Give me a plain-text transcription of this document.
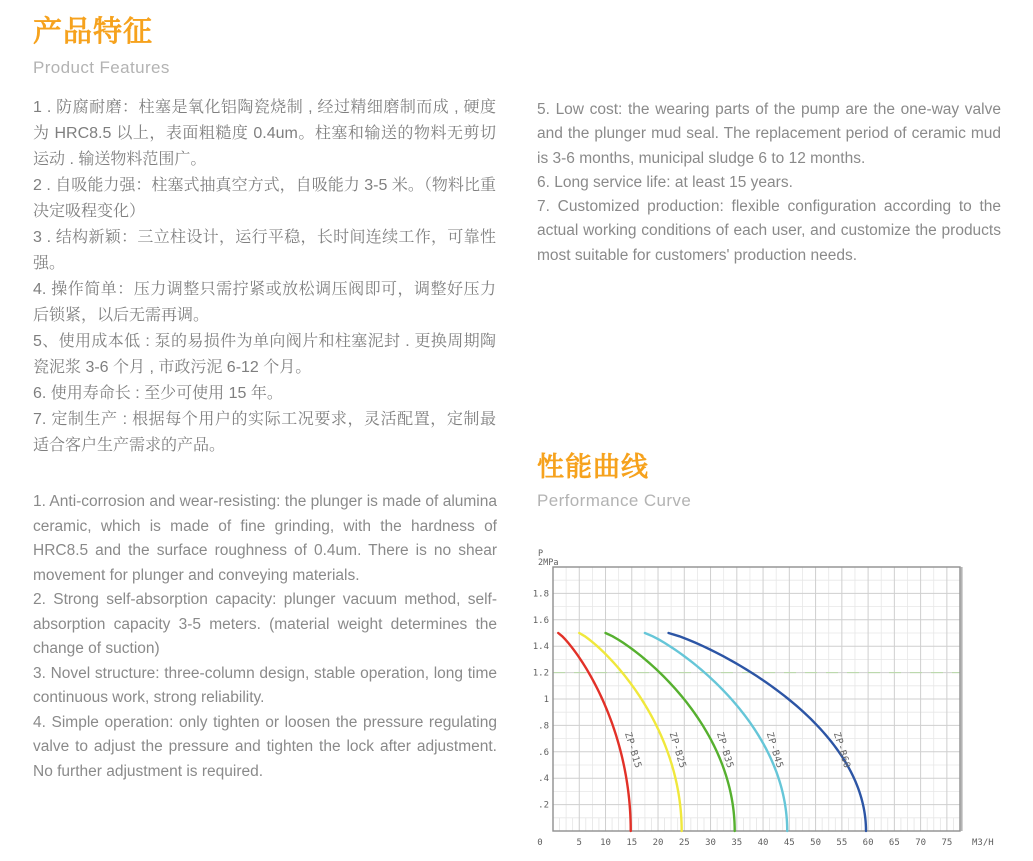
产品特征
Product Features

1 . 防腐耐磨：柱塞是氧化铝陶瓷烧制 , 经过精细磨制而成 , 硬度为 HRC8.5 以上，表面粗糙度 0.4um。柱塞和输送的物料无剪切运动 . 输送物料范围广。

2 . 自吸能力强：柱塞式抽真空方式，自吸能力 3-5 米。（物料比重决定吸程变化）

3 . 结构新颖：三立柱设计，运行平稳，长时间连续工作，可靠性强。

4. 操作简单：压力调整只需拧紧或放松调压阀即可，调整好压力后锁紧，以后无需再调。

5、使用成本低 : 泵的易损件为单向阀片和柱塞泥封 . 更换周期陶瓷泥浆 3-6 个月 , 市政污泥 6-12 个月。

6. 使用寿命长 : 至少可使用 15 年。

7. 定制生产 : 根据每个用户的实际工况要求，灵活配置，定制最适合客户生产需求的产品。

1. Anti-corrosion and wear-resisting: the plunger is made of alumina ceramic, which is made of fine grinding, with the hardness of HRC8.5 and the surface roughness of 0.4um. There is no shear movement for plunger and conveying materials.

2. Strong self-absorption capacity: plunger vacuum method, self-absorption capacity 3-5 meters. (material weight determines the change of suction)

3. Novel structure: three-column design, stable operation, long time continuous work, strong reliability.

4. Simple operation: only tighten or loosen the pressure regulating valve to adjust the pressure and tighten the lock after adjustment. No further adjustment is required.

5. Low cost: the wearing parts of the pump are the one-way valve and the plunger mud seal. The replacement period of ceramic mud is 3-6 months, municipal sludge 6 to 12 months.

6. Long service life: at least 15 years.

7. Customized production: flexible configuration according to the actual working conditions of each user, and customize the products most suitable for customers' production needs.

性能曲线
Performance Curve
ZP-B15 ZP-B25	ZP-B35	ZP-B45	ZP-B60
1.8
1.6
1.4
1.2
1
.8
.6
.4
.2
0	5 10 15 20 25 30 35 40 45 50 55 60 65 70 75
P
2MPa
M3/H
